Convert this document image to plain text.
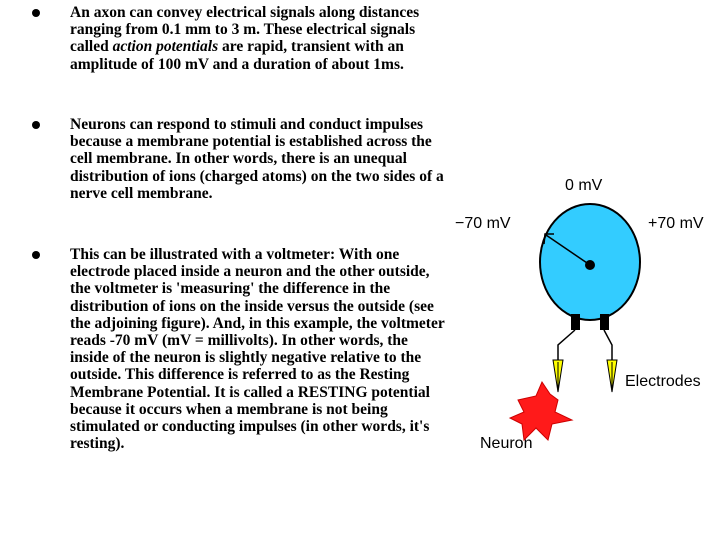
An axon can convey electrical signals along distances ranging from 0.1 mm to 3 m. These electrical signals called action potentials are rapid, transient with an amplitude of 100 mV and a duration of about 1ms.

Neurons can respond to stimuli and conduct impulses because a membrane potential is established across the cell membrane. In other words, there is an unequal distribution of ions (charged atoms) on the two sides of a nerve cell membrane.

This can be illustrated with a voltmeter: With one electrode placed inside a neuron and the other outside, the voltmeter is 'measuring' the difference in the distribution of ions on the inside versus the outside (see the adjoining figure). And, in this example, the voltmeter reads -70 mV (mV = millivolts). In other words, the inside of the neuron is slightly negative relative to the outside. This difference is referred to as the Resting Membrane Potential. It is called a RESTING potential because it occurs when a membrane is not being stimulated or conducting impulses (in other words, it's resting).

0 mV
−70 mV	+70 mV
Electrodes
Neuron
